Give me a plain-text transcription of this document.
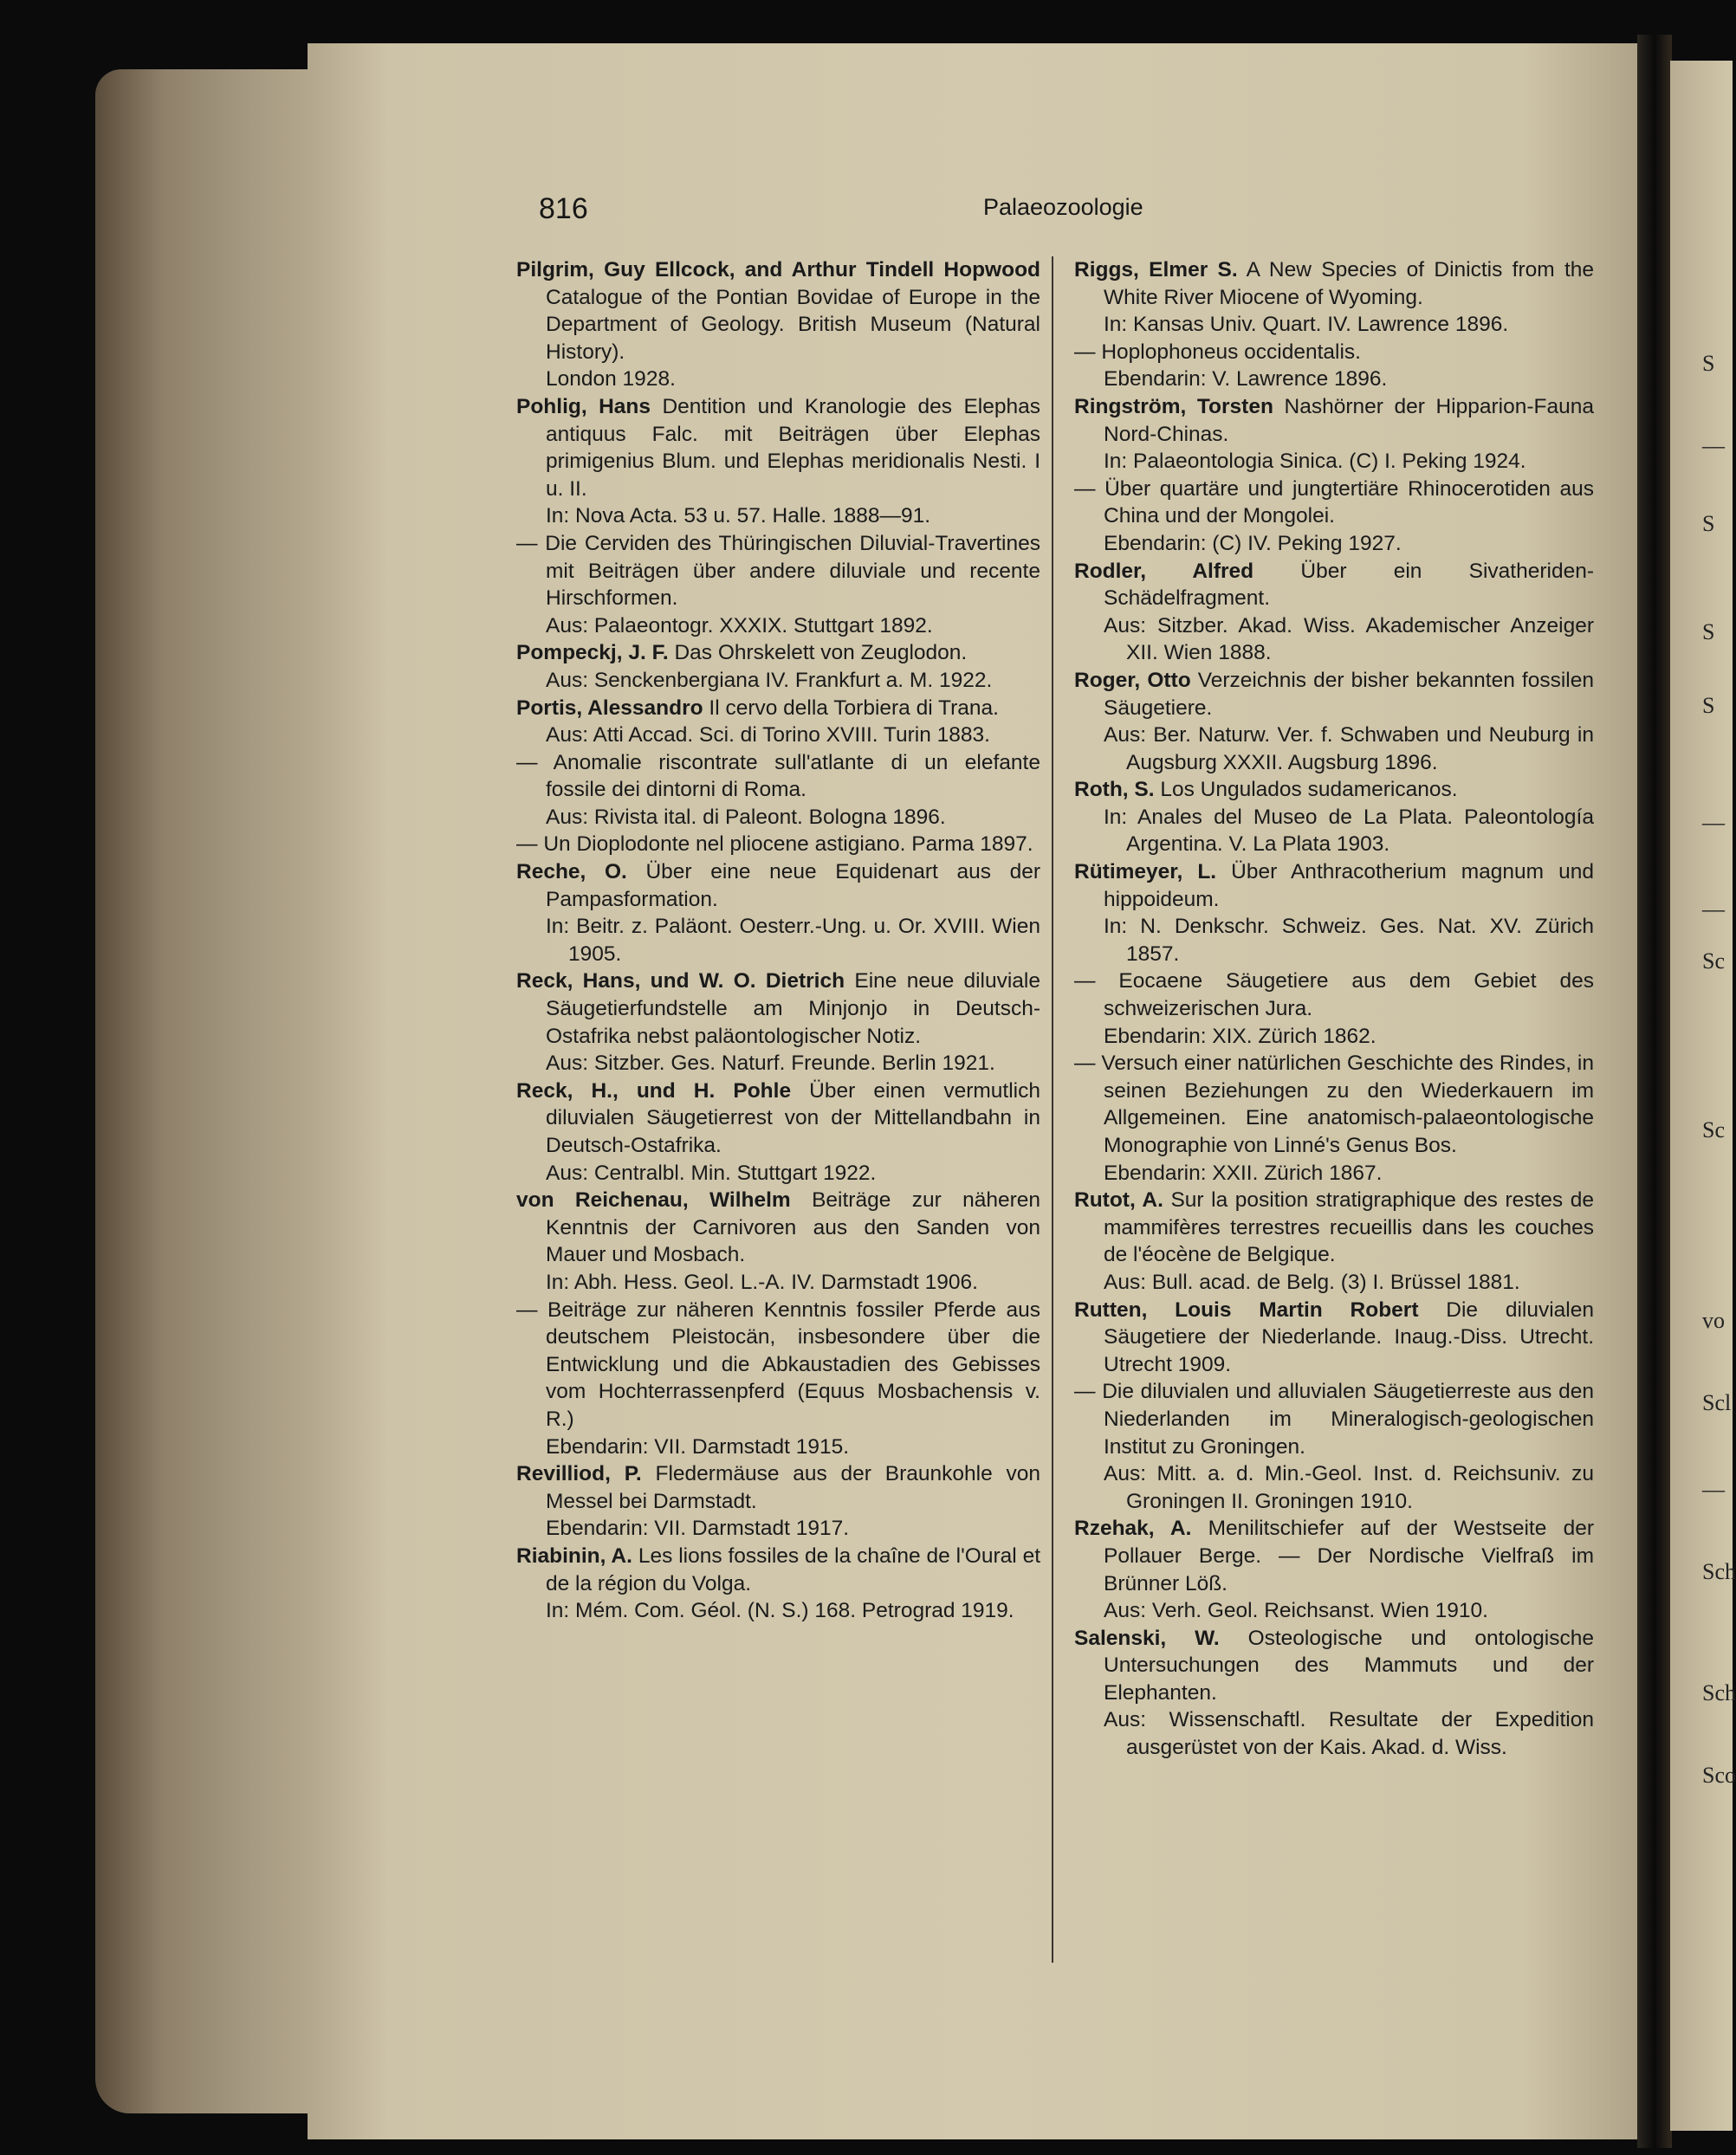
S
—
S
S
S
—
—
Sc
Sc
vo
Scl
—
Sch
Sch
Sco
816	Palaeozoologie

Pilgrim, Guy Ellcock, and Arthur Tindell Hopwood Catalogue of the Pontian Bovidae of Europe in the Department of Geology. British Museum (Natural History).

London 1928.

Pohlig, Hans Dentition und Kranologie des Elephas antiquus Falc. mit Beiträgen über Elephas primigenius Blum. und Elephas meridionalis Nesti. I u. II.

In: Nova Acta. 53 u. 57. Halle. 1888—91.

— Die Cerviden des Thüringischen Diluvial-Travertines mit Beiträgen über andere diluviale und recente Hirschformen.

Aus: Palaeontogr. XXXIX. Stuttgart 1892.

Pompeckj, J. F. Das Ohrskelett von Zeuglodon.

Aus: Senckenbergiana IV. Frankfurt a. M. 1922.

Portis, Alessandro Il cervo della Torbiera di Trana.

Aus: Atti Accad. Sci. di Torino XVIII. Turin 1883.

— Anomalie riscontrate sull'atlante di un elefante fossile dei dintorni di Roma.

Aus: Rivista ital. di Paleont. Bologna 1896.

— Un Dioplodonte nel pliocene astigiano. Parma 1897.

Reche, O. Über eine neue Equidenart aus der Pampasformation.

In: Beitr. z. Paläont. Oesterr.-Ung. u. Or. XVIII. Wien 1905.

Reck, Hans, und W. O. Dietrich Eine neue diluviale Säugetierfundstelle am Minjonjo in Deutsch-Ostafrika nebst paläontologischer Notiz.

Aus: Sitzber. Ges. Naturf. Freunde. Berlin 1921.

Reck, H., und H. Pohle Über einen vermutlich diluvialen Säugetierrest von der Mittellandbahn in Deutsch-Ostafrika.

Aus: Centralbl. Min. Stuttgart 1922.

von Reichenau, Wilhelm Beiträge zur näheren Kenntnis der Carnivoren aus den Sanden von Mauer und Mosbach.

In: Abh. Hess. Geol. L.-A. IV. Darmstadt 1906.

— Beiträge zur näheren Kenntnis fossiler Pferde aus deutschem Pleistocän, insbesondere über die Entwicklung und die Abkaustadien des Gebisses vom Hochterrassenpferd (Equus Mosbachensis v. R.)

Ebendarin: VII. Darmstadt 1915.

Revilliod, P. Fledermäuse aus der Braunkohle von Messel bei Darmstadt.

Ebendarin: VII. Darmstadt 1917.

Riabinin, A. Les lions fossiles de la chaîne de l'Oural et de la région du Volga.

In: Mém. Com. Géol. (N. S.) 168. Petrograd 1919.

Riggs, Elmer S. A New Species of Dinictis from the White River Miocene of Wyoming.

In: Kansas Univ. Quart. IV. Lawrence 1896.

— Hoplophoneus occidentalis.

Ebendarin: V. Lawrence 1896.

Ringström, Torsten Nashörner der Hipparion-Fauna Nord-Chinas.

In: Palaeontologia Sinica. (C) I. Peking 1924.

— Über quartäre und jungtertiäre Rhinocerotiden aus China und der Mongolei.

Ebendarin: (C) IV. Peking 1927.

Rodler, Alfred Über ein Sivatheriden-Schädelfragment.

Aus: Sitzber. Akad. Wiss. Akademischer Anzeiger XII. Wien 1888.

Roger, Otto Verzeichnis der bisher bekannten fossilen Säugetiere.

Aus: Ber. Naturw. Ver. f. Schwaben und Neuburg in Augsburg XXXII. Augsburg 1896.

Roth, S. Los Ungulados sudamericanos.

In: Anales del Museo de La Plata. Paleontología Argentina. V. La Plata 1903.

Rütimeyer, L. Über Anthracotherium magnum und hippoideum.

In: N. Denkschr. Schweiz. Ges. Nat. XV. Zürich 1857.

— Eocaene Säugetiere aus dem Gebiet des schweizerischen Jura.

Ebendarin: XIX. Zürich 1862.

— Versuch einer natürlichen Geschichte des Rindes, in seinen Beziehungen zu den Wiederkauern im Allgemeinen. Eine anatomisch-palaeontologische Monographie von Linné's Genus Bos.

Ebendarin: XXII. Zürich 1867.

Rutot, A. Sur la position stratigraphique des restes de mammifères terrestres recueillis dans les couches de l'éocène de Belgique.

Aus: Bull. acad. de Belg. (3) I. Brüssel 1881.

Rutten, Louis Martin Robert Die diluvialen Säugetiere der Niederlande. Inaug.-Diss. Utrecht. Utrecht 1909.

— Die diluvialen und alluvialen Säugetierreste aus den Niederlanden im Mineralogisch-geologischen Institut zu Groningen.

Aus: Mitt. a. d. Min.-Geol. Inst. d. Reichsuniv. zu Groningen II. Groningen 1910.

Rzehak, A. Menilitschiefer auf der Westseite der Pollauer Berge. — Der Nordische Vielfraß im Brünner Löß.

Aus: Verh. Geol. Reichsanst. Wien 1910.

Salenski, W. Osteologische und ontologische Untersuchungen des Mammuts und der Elephanten.

Aus: Wissenschaftl. Resultate der Expedition ausgerüstet von der Kais. Akad. d. Wiss.
